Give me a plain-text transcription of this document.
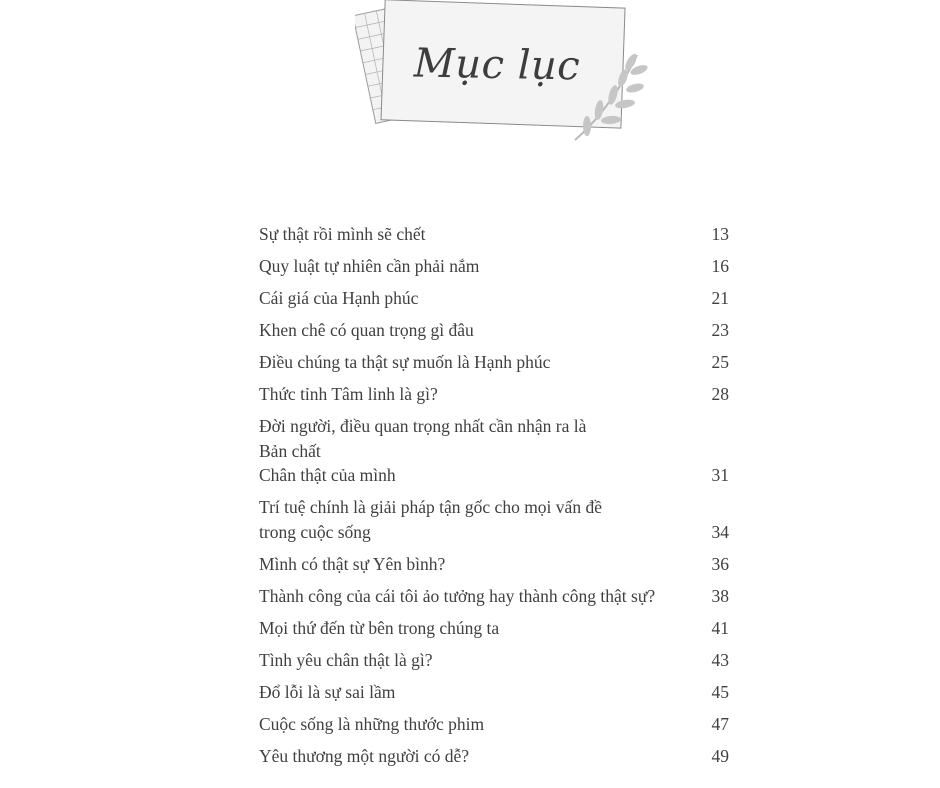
Mục lục
Sự thật rồi mình sẽ chết	13
Quy luật tự nhiên cần phải nắm	16
Cái giá của Hạnh phúc	21
Khen chê có quan trọng gì đâu	23
Điều chúng ta thật sự muốn là Hạnh phúc	25
Thức tỉnh Tâm linh là gì?	28
Đời người, điều quan trọng nhất cần nhận ra là
Bản chất
Chân thật của mình	31
Trí tuệ chính là giải pháp tận gốc cho mọi vấn đề
trong cuộc sống	34
Mình có thật sự Yên bình?	36
Thành công của cái tôi ảo tưởng hay thành công thật sự?	38
Mọi thứ đến từ bên trong chúng ta	41
Tình yêu chân thật là gì?	43
Đổ lỗi là sự sai lầm	45
Cuộc sống là những thước phim	47
Yêu thương một người có dễ?	49
